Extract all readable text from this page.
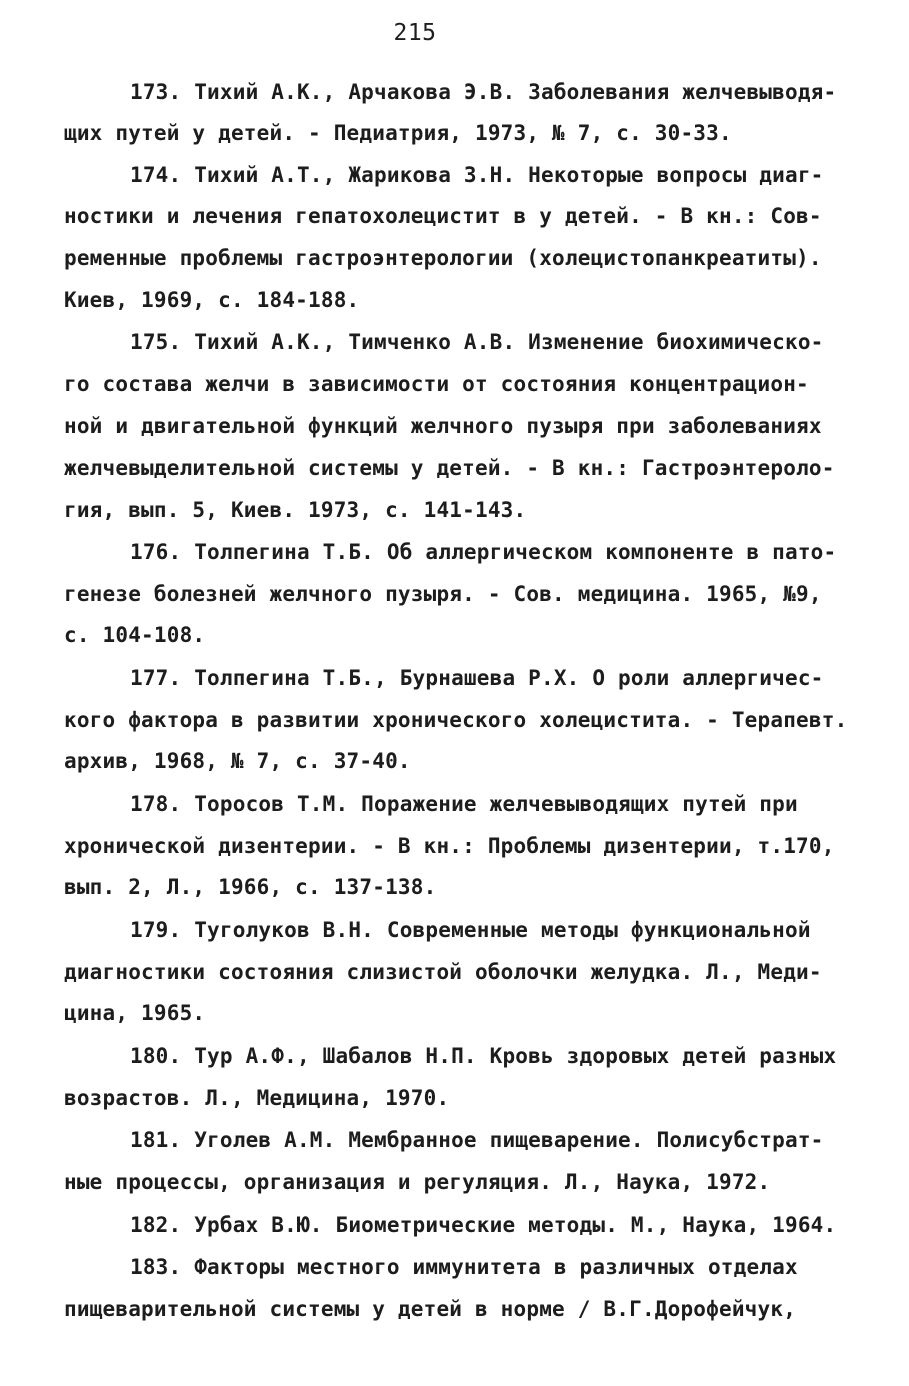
215
173. Тихий А.К., Арчакова Э.В. Заболевания желчевыводя-
щих путей у детей. - Педиатрия, 1973, № 7, с. 30-33.
174. Тихий А.Т., Жарикова З.Н. Некоторые вопросы диаг-
ностики и лечения гепатохолецистит в у детей. - В кн.: Сов-
ременные проблемы гастроэнтерологии (холецистопанкреатиты).
Киев, 1969, с. 184-188.
175. Тихий А.К., Тимченко А.В. Изменение биохимическо-
го состава желчи в зависимости от состояния концентрацион-
ной и двигательной функций желчного пузыря при заболеваниях
желчевыделительной системы у детей. - В кн.: Гастроэнтероло-
гия, вып. 5, Киев. 1973, с. 141-143.
176. Толпегина Т.Б. Об аллергическом компоненте в пато-
генезе болезней желчного пузыря. - Сов. медицина. 1965, №9,
с. 104-108.
177. Толпегина Т.Б., Бурнашева Р.Х. О роли аллергичес-
кого фактора в развитии хронического холецистита. - Терапевт.
архив, 1968, № 7, с. 37-40.
178. Торосов Т.М. Поражение желчевыводящих путей при
хронической дизентерии. - В кн.: Проблемы дизентерии, т.170,
вып. 2, Л., 1966, с. 137-138.
179. Туголуков В.Н. Современные методы функциональной
диагностики состояния слизистой оболочки желудка. Л., Меди-
цина, 1965.
180. Тур А.Ф., Шабалов Н.П. Кровь здоровых детей разных
возрастов. Л., Медицина, 1970.
181. Уголев А.М. Мембранное пищеварение. Полисубстрат-
ные процессы, организация и регуляция. Л., Наука, 1972.
182. Урбах В.Ю. Биометрические методы. М., Наука, 1964.
183. Факторы местного иммунитета в различных отделах
пищеварительной системы у детей в норме / В.Г.Дорофейчук,
